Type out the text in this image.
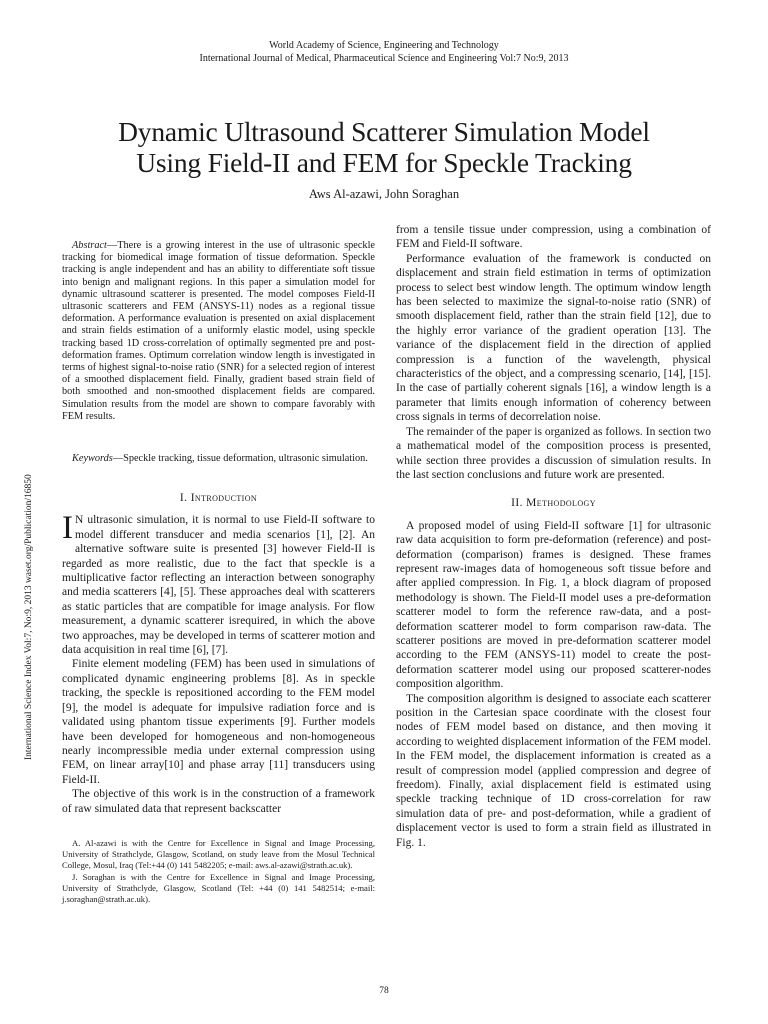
World Academy of Science, Engineering and Technology
International Journal of Medical, Pharmaceutical Science and Engineering Vol:7 No:9, 2013
Dynamic Ultrasound Scatterer Simulation Model
Using Field-II and FEM for Speckle Tracking
Aws Al-azawi, John Soraghan
International Science Index Vol:7, No:9, 2013 waset.org/Publication/16850

Abstract—There is a growing interest in the use of ultrasonic speckle tracking for biomedical image formation of tissue deformation. Speckle tracking is angle independent and has an ability to differentiate soft tissue into benign and malignant regions. In this paper a simulation model for dynamic ultrasound scatterer is presented. The model composes Field-II ultrasonic scatterers and FEM (ANSYS-11) nodes as a regional tissue deformation. A performance evaluation is presented on axial displacement and strain fields estimation of a uniformly elastic model, using speckle tracking based 1D cross-correlation of optimally segmented pre and post-deformation frames. Optimum correlation window length is investigated in terms of highest signal-to-noise ratio (SNR) for a selected region of interest of a smoothed displacement field. Finally, gradient based strain field of both smoothed and non-smoothed displacement fields are compared. Simulation results from the model are shown to compare favorably with FEM results.

Keywords—Speckle tracking, tissue deformation, ultrasonic simulation.
I. Introduction

I N ultrasonic simulation, it is normal to use Field-II software to model different transducer and media scenarios [1], [2]. An alternative software suite is presented [3] however Field-II is regarded as more realistic, due to the fact that speckle is a multiplicative factor reflecting an interaction between sonography and media scatterers [4], [5]. These approaches deal with scatterers as static particles that are compatible for image analysis. For flow measurement, a dynamic scatterer isrequired, in which the above two approaches, may be developed in terms of scatterer motion and data acquisition in real time [6], [7].

Finite element modeling (FEM) has been used in simulations of complicated dynamic engineering problems [8]. As in speckle tracking, the speckle is repositioned according to the FEM model [9], the model is adequate for impulsive radiation force and is validated using phantom tissue experiments [9]. Further models have been developed for homogeneous and non-homogeneous nearly incompressible media under external compression using FEM, on linear array[10] and phase array [11] transducers using Field-II.

The objective of this work is in the construction of a framework of raw simulated data that represent backscatter

A. Al-azawi is with the Centre for Excellence in Signal and Image Processing, University of Strathclyde, Glasgow, Scotland, on study leave from the Mosul Technical College, Mosul, Iraq (Tel:+44 (0) 141 5482205; e-mail: aws.al-azawi@strath.ac.uk).

J. Soraghan is with the Centre for Excellence in Signal and Image Processing, University of Strathclyde, Glasgow, Scotland (Tel: +44 (0) 141 5482514; e-mail: j.soraghan@strath.ac.uk).

from a tensile tissue under compression, using a combination of FEM and Field-II software.

Performance evaluation of the framework is conducted on displacement and strain field estimation in terms of optimization process to select best window length. The optimum window length has been selected to maximize the signal-to-noise ratio (SNR) of smooth displacement field, rather than the strain field [12], due to the highly error variance of the gradient operation [13]. The variance of the displacement field in the direction of applied compression is a function of the wavelength, physical characteristics of the object, and a compressing scenario, [14], [15]. In the case of partially coherent signals [16], a window length is a parameter that limits enough information of coherency between cross signals in terms of decorrelation noise.

The remainder of the paper is organized as follows. In section two a mathematical model of the composition process is presented, while section three provides a discussion of simulation results. In the last section conclusions and future work are presented.

II. Methodology

A proposed model of using Field-II software [1] for ultrasonic raw data acquisition to form pre-deformation (reference) and post-deformation (comparison) frames is designed. These frames represent raw-images data of homogeneous soft tissue before and after applied compression. In Fig. 1, a block diagram of proposed methodology is shown. The Field-II model uses a pre-deformation scatterer model to form the reference raw-data, and a post-deformation scatterer model to form comparison raw-data. The scatterer positions are moved in pre-deformation scatterer model according to the FEM (ANSYS-11) model to create the post-deformation scatterer model using our proposed scatterer-nodes composition algorithm.

The composition algorithm is designed to associate each scatterer position in the Cartesian space coordinate with the closest four nodes of FEM model based on distance, and then moving it according to weighted displacement information of the FEM model. In the FEM model, the displacement information is created as a result of compression model (applied compression and degree of freedom). Finally, axial displacement field is estimated using speckle tracking technique of 1D cross-correlation for raw simulation data of pre- and post-deformation, while a gradient of displacement vector is used to form a strain field as illustrated in Fig. 1.

78
